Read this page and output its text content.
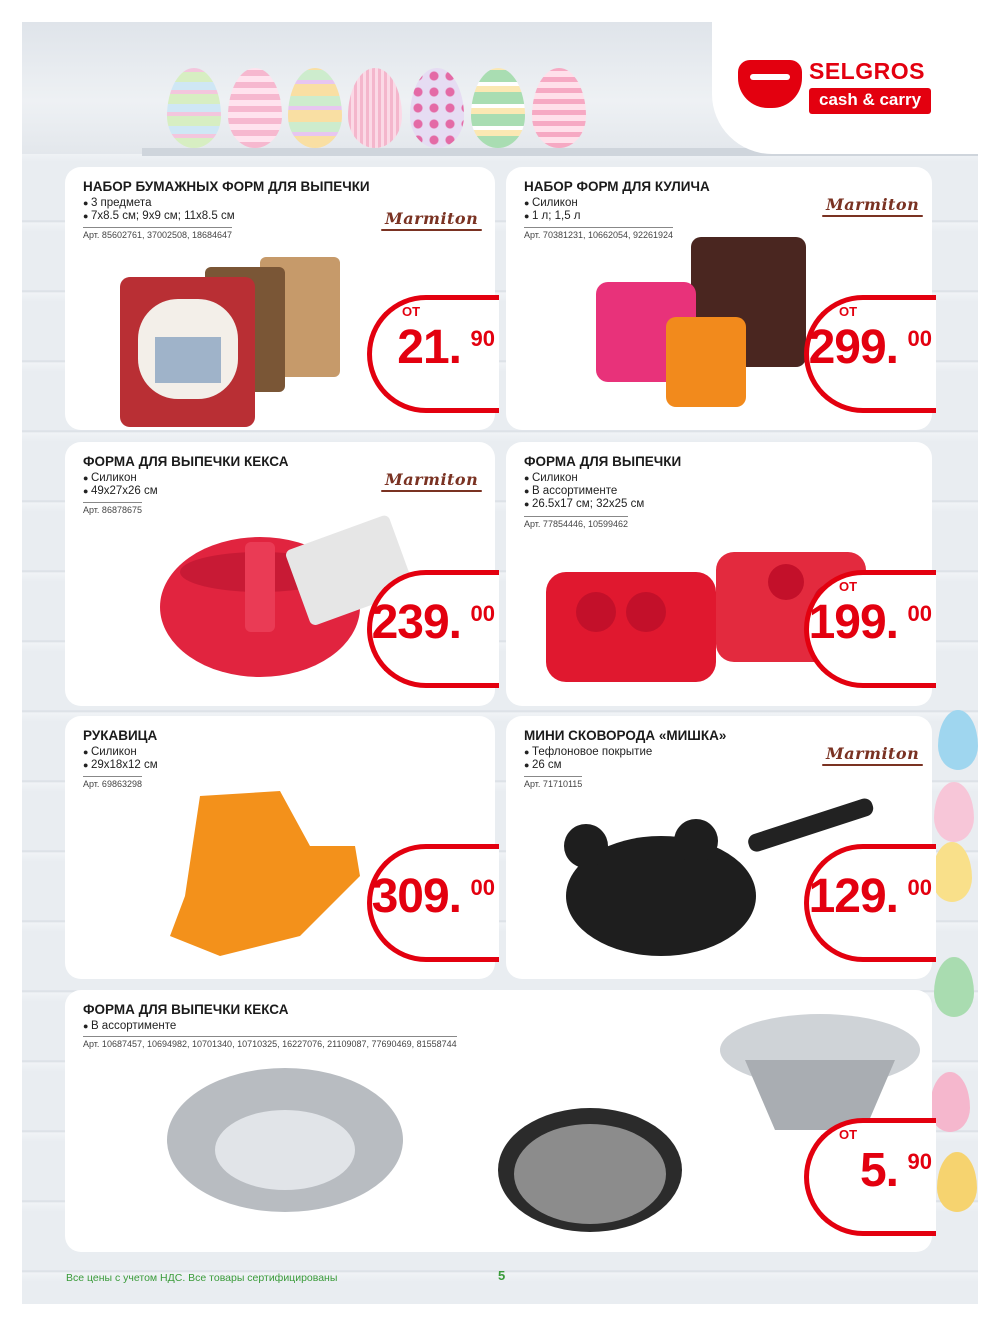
SELGROS
cash & carry
НАБОР БУМАЖНЫХ ФОРМ ДЛЯ ВЫПЕЧКИ
● 3 предмета
● 7x8.5 см; 9x9 см; 11x8.5 см
Арт. 85602761, 37002508, 18684647
Marmiton
ОТ
21. 90
НАБОР ФОРМ ДЛЯ КУЛИЧА
● Силикон
● 1 л; 1,5 л
Арт. 70381231, 10662054, 92261924
Marmiton
ОТ
299. 00
ФОРМА ДЛЯ ВЫПЕЧКИ КЕКСА
● Силикон
● 49x27x26 см
Арт. 86878675
Marmiton
239. 00
ФОРМА ДЛЯ ВЫПЕЧКИ
● Силикон
● В ассортименте
● 26.5x17 см; 32x25 см
Арт. 77854446, 10599462
ОТ
199. 00
РУКАВИЦА
● Силикон
● 29x18x12 см
Арт. 69863298
309. 00
МИНИ СКОВОРОДА «МИШКА»
● Тефлоновое покрытие
● 26 см
Арт. 71710115
Marmiton
129. 00
ФОРМА ДЛЯ ВЫПЕЧКИ КЕКСА
● В ассортименте
Арт. 10687457, 10694982, 10701340, 10710325, 16227076, 21109087, 77690469, 81558744
ОТ
5. 90
Все цены с учетом НДС. Все товары сертифицированы	5
